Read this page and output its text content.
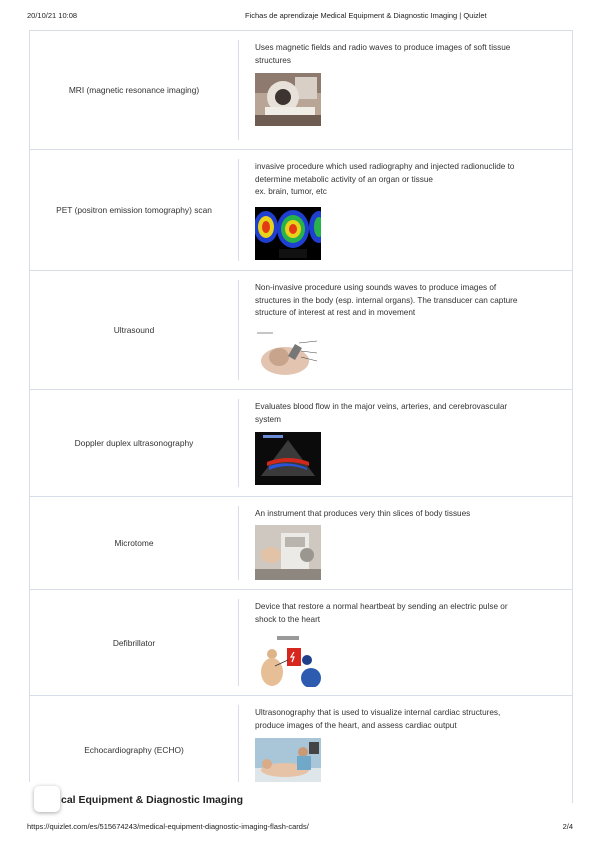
20/10/21 10:08	Fichas de aprendizaje Medical Equipment & Diagnostic Imaging | Quizlet
MRI (magnetic resonance imaging)
Uses magnetic fields and radio waves to produce images of soft tissue
structures
PET (positron emission tomography) scan
invasive procedure which used radiography and injected radionuclide to
determine metabolic activity of an organ or tissue
ex. brain, tumor, etc
Ultrasound
Non-invasive procedure using sounds waves to produce images of
structures in the body (esp. internal organs). The transducer can capture
structure of interest at rest and in movement
Doppler duplex ultrasonography
Evaluates blood flow in the major veins, arteries, and cerebrovascular
system
Microtome
An instrument that produces very thin slices of body tissues
Defibrillator
Device that restore a normal heartbeat by sending an electric pulse or
shock to the heart
Echocardiography (ECHO)
Ultrasonography that is used to visualize internal cardiac structures,
produce images of the heart, and assess cardiac output
cal Equipment & Diagnostic Imaging
https://quizlet.com/es/515674243/medical-equipment-diagnostic-imaging-flash-cards/	2/4
